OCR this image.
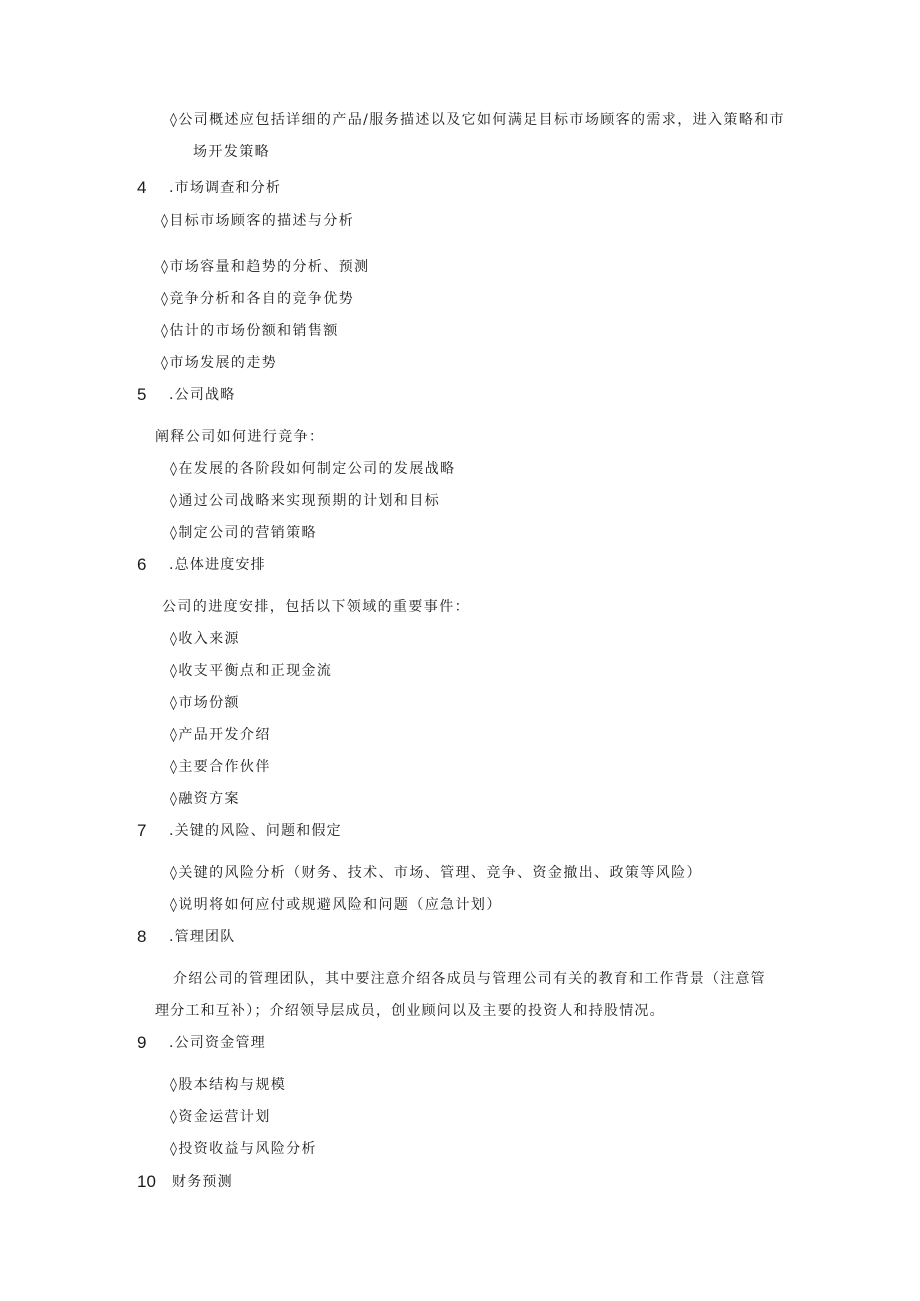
◊公司概述应包括详细的产品/服务描述以及它如何满足目标市场顾客的需求，进入策略和市
场开发策略
4 .市场调查和分析
◊目标市场顾客的描述与分析
◊市场容量和趋势的分析、预测
◊竞争分析和各自的竞争优势
◊估计的市场份额和销售额
◊市场发展的走势
5 .公司战略
阐释公司如何进行竞争：
◊在发展的各阶段如何制定公司的发展战略
◊通过公司战略来实现预期的计划和目标
◊制定公司的营销策略
6 .总体进度安排
公司的进度安排，包括以下领域的重要事件：
◊收入来源
◊收支平衡点和正现金流
◊市场份额
◊产品开发介绍
◊主要合作伙伴
◊融资方案
7 .关键的风险、问题和假定
◊关键的风险分析（财务、技术、市场、管理、竞争、资金撤出、政策等风险）
◊说明将如何应付或规避风险和问题（应急计划）
8 .管理团队
介绍公司的管理团队，其中要注意介绍各成员与管理公司有关的教育和工作背景（注意管
理分工和互补）；介绍领导层成员，创业顾问以及主要的投资人和持股情况。
9 .公司资金管理
◊股本结构与规模
◊资金运营计划
◊投资收益与风险分析
10 财务预测
